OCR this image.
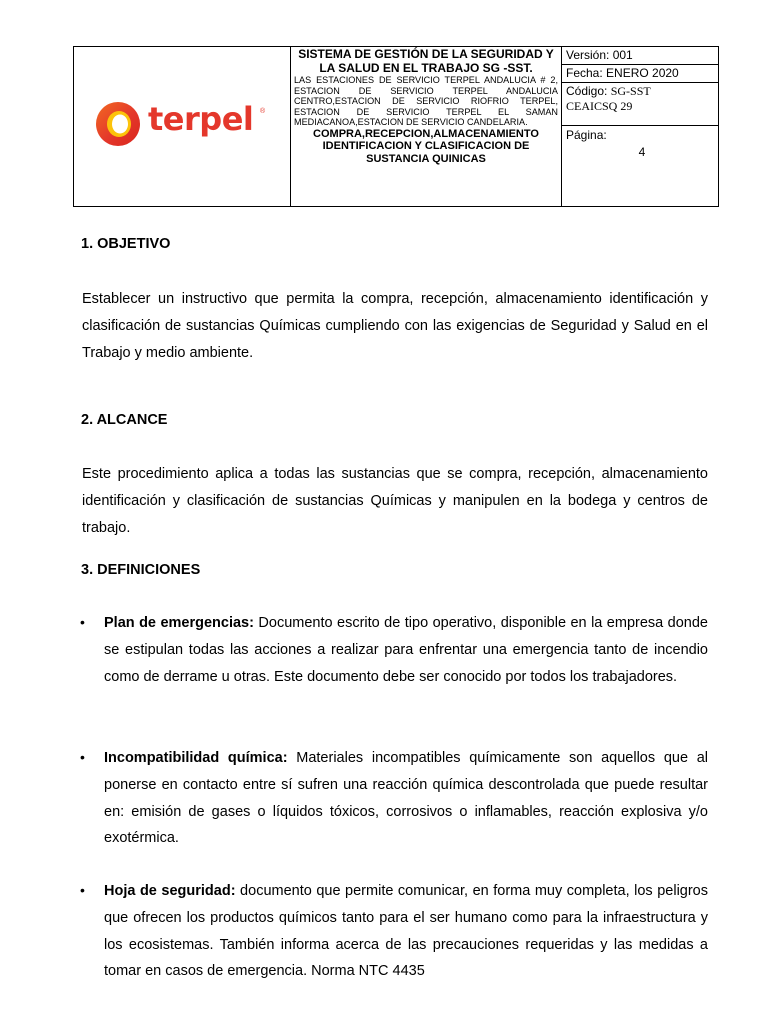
terpel ®

SISTEMA DE GESTIÓN DE LA SEGURIDAD Y LA SALUD EN EL TRABAJO SG -SST.
LAS ESTACIONES DE SERVICIO TERPEL ANDALUCIA # 2, ESTACION DE SERVICIO TERPEL ANDALUCIA CENTRO,ESTACION DE SERVICIO RIOFRIO TERPEL, ESTACION DE SERVICIO TERPEL EL SAMAN MEDIACANOA,ESTACION DE SERVICIO CANDELARIA.
COMPRA,RECEPCION,ALMACENAMIENTO IDENTIFICACION Y CLASIFICACION DE SUSTANCIA QUINICAS

Versión: 001
Fecha: ENERO 2020
Código: SG-SST
CEAICSQ 29
Página:
4
1. OBJETIVO
Establecer un instructivo que permita la compra, recepción, almacenamiento identificación y clasificación de sustancias Químicas cumpliendo con las exigencias de Seguridad y Salud en el Trabajo y medio ambiente.
2. ALCANCE
Este procedimiento aplica a todas las sustancias que se compra, recepción, almacenamiento identificación y clasificación de sustancias Químicas y manipulen en la bodega y centros de trabajo.
3. DEFINICIONES
• Plan de emergencias: Documento escrito de tipo operativo, disponible en la empresa donde se estipulan todas las acciones a realizar para enfrentar una emergencia tanto de incendio como de derrame u otras. Este documento debe ser conocido por todos los trabajadores.
• Incompatibilidad química: Materiales incompatibles químicamente son aquellos que al ponerse en contacto entre sí sufren una reacción química descontrolada que puede resultar en: emisión de gases o líquidos tóxicos, corrosivos o inflamables, reacción explosiva y/o exotérmica.
• Hoja de seguridad: documento que permite comunicar, en forma muy completa, los peligros que ofrecen los productos químicos tanto para el ser humano como para la infraestructura y los ecosistemas. También informa acerca de las precauciones requeridas y las medidas a tomar en casos de emergencia. Norma NTC 4435
